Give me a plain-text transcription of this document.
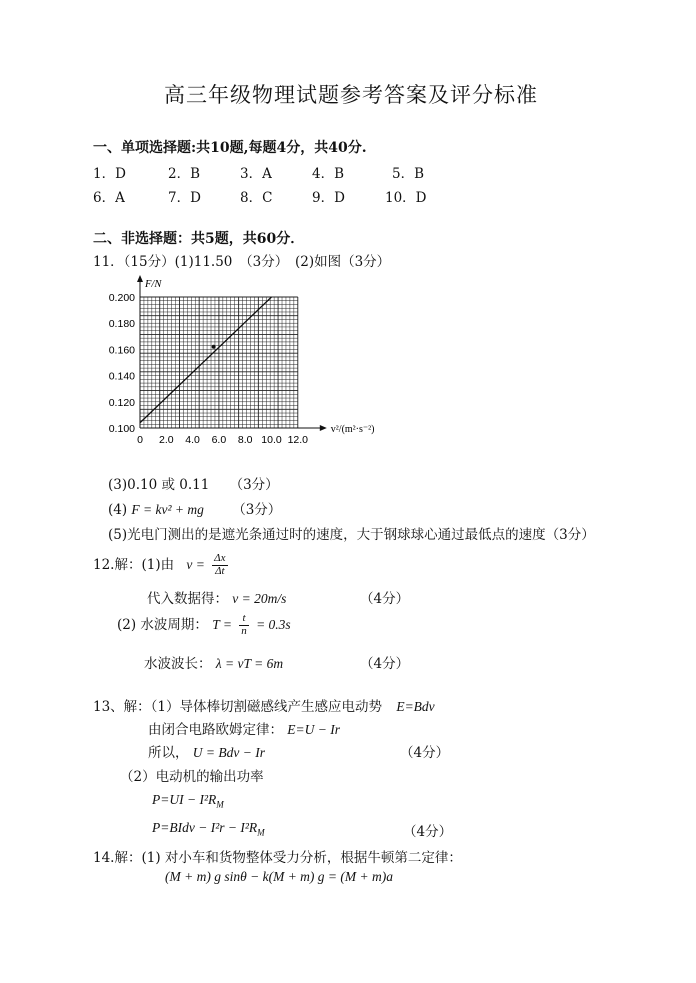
高三年级物理试题参考答案及评分标准
一、单项选择题:共10题,每题4分，共40分.
1．D	2．B	3．A	4．B	5．B
6．A	7．D	8．C	9．D	10．D
二、非选择题：共5题，共60分．
11．（15分）(1)11.50　（3分）　(2)如图（3分）
0.100
0.120
0.140
0.160
0.180
0.200
0 2.0 4.0 6.0 8.0 10.0 12.0
F/N
v²/(m²·s⁻²)
(3)0.10 或 0.11　　（3分）
(4) F = kv² + mg （3分）
(5)光电门测出的是遮光条通过时的速度，大于钢球球心通过最低点的速度（3分）
12.解：(1)由 $v = \frac{\Delta x}{\Delta t}$
代入数据得： v = 20m/s	（4分）
(2) 水波周期： $T = \frac{t}{n} = 0.3s$
水波波长： λ = vT = 6m	（4分）
13、解：（1）导体棒切割磁感线产生感应电动势 E=Bdv
由闭合电路欧姆定律： E=U − Ir
所以， U = Bdv − Ir	（4分）
（2）电动机的输出功率
$P=UI - I^2R_M$
P=BIdv − $I^2r - I^2R_M$	（4分）
14.解：(1) 对小车和货物整体受力分析，根据牛顿第二定律：
(M + m) g sinθ − k(M + m) g = (M + m)a
